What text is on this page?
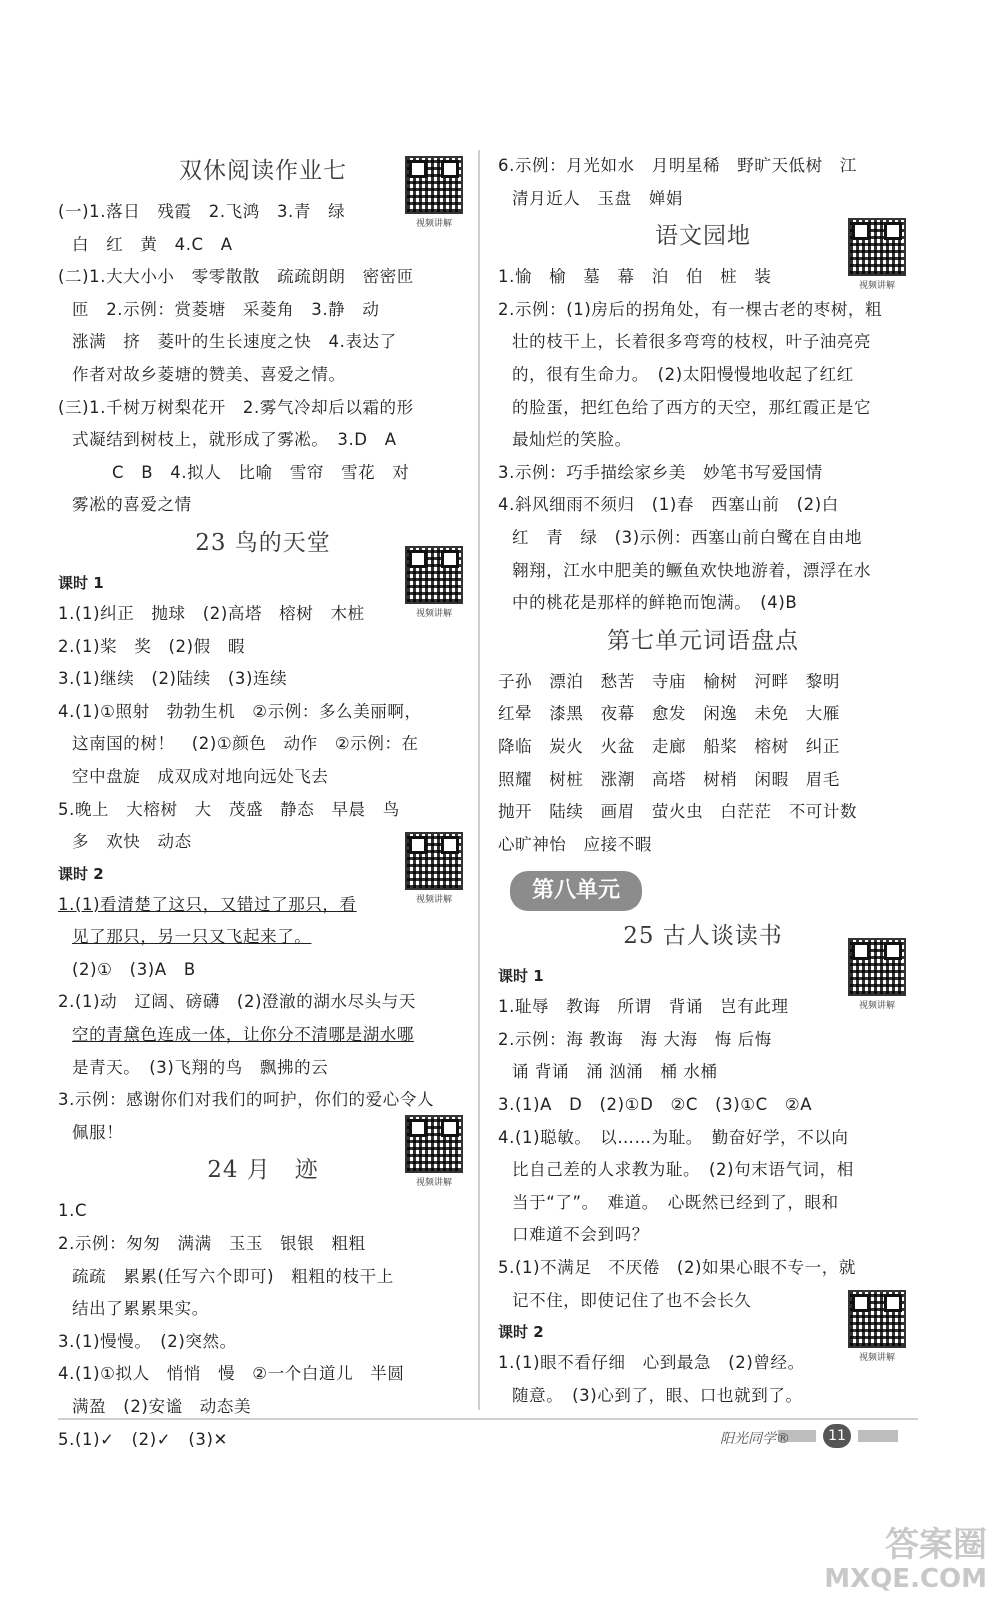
双休阅读作业七
(一)1.落日　残霞　2.飞鸿　3.青　绿
白　红　黄　4.C　A
(二)1.大大小小　零零散散　疏疏朗朗　密密匝
匝　2.示例：赏菱塘　采菱角　3.静　动
涨满　挤　菱叶的生长速度之快　4.表达了
作者对故乡菱塘的赞美、喜爱之情。
(三)1.千树万树梨花开　2.雾气冷却后以霜的形
式凝结到树枝上，就形成了雾凇。　3.D　A
C　B　4.拟人　比喻　雪帘　雪花　对
雾凇的喜爱之情
23 鸟的天堂
课时 1
1.(1)纠正　抛球　(2)高塔　榕树　木桩
2.(1)桨　奖　(2)假　暇
3.(1)继续　(2)陆续　(3)连续
4.(1)①照射　勃勃生机　②示例：多么美丽啊，
这南国的树！　(2)①颜色　动作　②示例：在
空中盘旋　成双成对地向远处飞去
5.晚上　大榕树　大　茂盛　静态　早晨　鸟
多　欢快　动态
课时 2
1.(1)看清楚了这只，又错过了那只，看
见了那只，另一只又飞起来了。
(2)①　(3)A　B
2.(1)动　辽阔、磅礴　(2)澄澈的湖水尽头与天
空的青黛色连成一体，让你分不清哪是湖水哪
是青天。　(3)飞翔的鸟　飘拂的云
3.示例：感谢你们对我们的呵护，你们的爱心令人
佩服！
24 月　迹
1.C
2.示例：匆匆　满满　玉玉　银银　粗粗
疏疏　累累(任写六个即可)　粗粗的枝干上
结出了累累果实。
3.(1)慢慢。　(2)突然。
4.(1)①拟人　悄悄　慢　②一个白道儿　半圆
满盈　(2)安谧　动态美
5.(1)✓　(2)✓　(3)✕
6.示例：月光如水　月明星稀　野旷天低树　江
清月近人　玉盘　婵娟
语文园地
1.愉　榆　墓　幕　泊　伯　桩　装
2.示例：(1)房后的拐角处，有一棵古老的枣树，粗
壮的枝干上，长着很多弯弯的枝杈，叶子油亮亮
的，很有生命力。　(2)太阳慢慢地收起了红红
的脸蛋，把红色给了西方的天空，那红霞正是它
最灿烂的笑脸。
3.示例：巧手描绘家乡美　妙笔书写爱国情
4.斜风细雨不须归　(1)春　西塞山前　(2)白
红　青　绿　(3)示例：西塞山前白鹭在自由地
翱翔，江水中肥美的鳜鱼欢快地游着，漂浮在水
中的桃花是那样的鲜艳而饱满。　(4)B
第七单元词语盘点
子孙　漂泊　愁苦　寺庙　榆树　河畔　黎明
红晕　漆黑　夜幕　愈发　闲逸　未免　大雁
降临　炭火　火盆　走廊　船桨　榕树　纠正
照耀　树桩　涨潮　高塔　树梢　闲暇　眉毛
抛开　陆续　画眉　萤火虫　白茫茫　不可计数
心旷神怡　应接不暇
第八单元
25 古人谈读书
课时 1
1.耻辱　教诲　所谓　背诵　岂有此理
2.示例：海 教诲　海 大海　悔 后悔
诵 背诵　涌 汹涌　桶 水桶
3.(1)A　D　(2)①D　②C　(3)①C　②A
4.(1)聪敏。　以……为耻。　勤奋好学，不以向
比自己差的人求教为耻。　(2)句末语气词，相
当于“了”。　难道。　心既然已经到了，眼和
口难道不会到吗？
5.(1)不满足　不厌倦　(2)如果心眼不专一，就
记不住，即使记住了也不会长久
课时 2
1.(1)眼不看仔细　心到最急　(2)曾经。
随意。　(3)心到了，眼、口也就到了。
视频讲解
视频讲解
视频讲解
视频讲解
视频讲解
视频讲解
视频讲解
阳光同学®	11
答案圈
MXQE.COM
